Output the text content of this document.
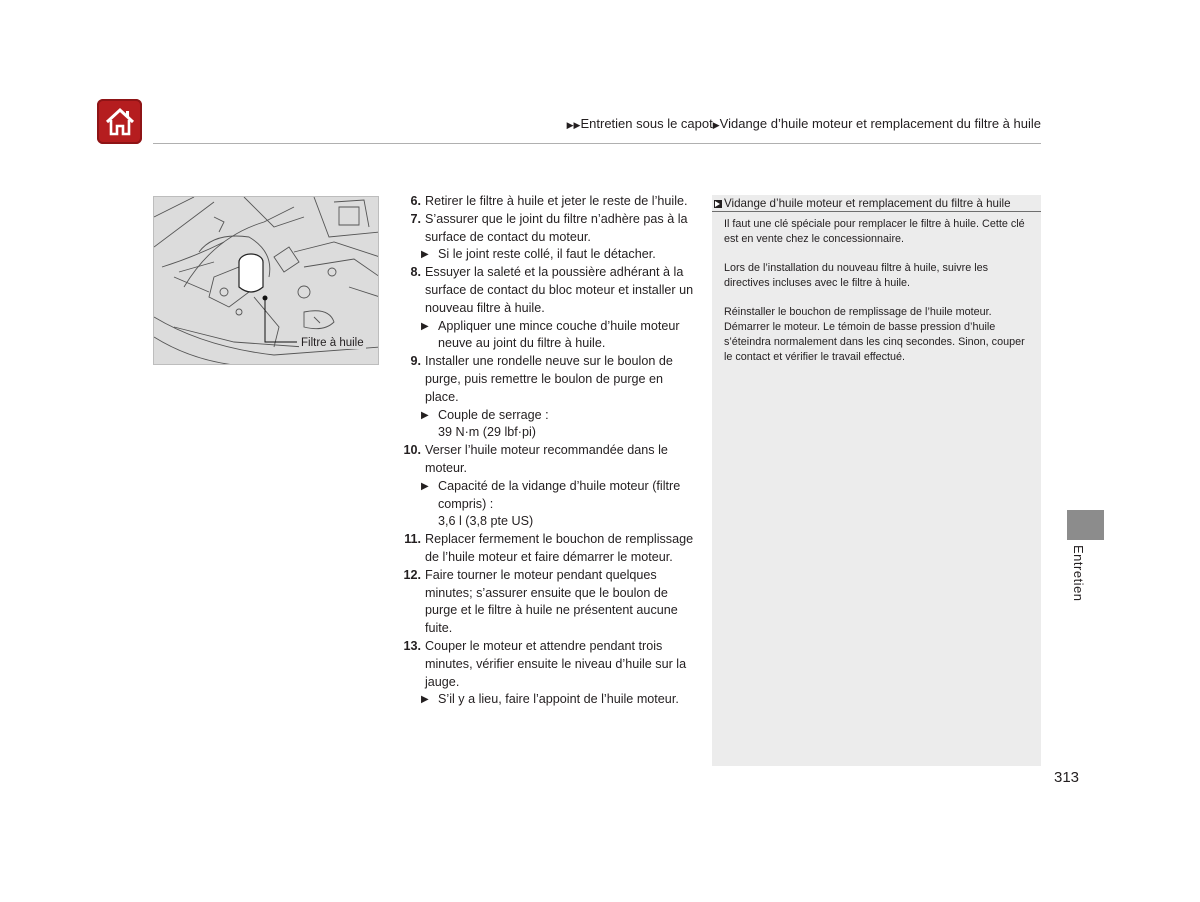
▶▶Entretien sous le capot▶Vidange d’huile moteur et remplacement du filtre à huile
Filtre à huile
6. Retirer le filtre à huile et jeter le reste de l’huile.
7. S’assurer que le joint du filtre n’adhère pas à la surface de contact du moteur.
▶
Si le joint reste collé, il faut le détacher.
8. Essuyer la saleté et la poussière adhérant à la surface de contact du bloc moteur et installer un nouveau filtre à huile.
▶
Appliquer une mince couche d’huile moteur neuve au joint du filtre à huile.
9. Installer une rondelle neuve sur le boulon de purge, puis remettre le boulon de purge en place.
▶
Couple de serrage :
39 N·m (29 lbf·pi)
10. Verser l’huile moteur recommandée dans le moteur.
▶
Capacité de la vidange d’huile moteur (filtre compris) :
3,6 l (3,8 pte US)
11. Replacer fermement le bouchon de remplissage de l’huile moteur et faire démarrer le moteur.
12. Faire tourner le moteur pendant quelques minutes; s’assurer ensuite que le boulon de purge et le filtre à huile ne présentent aucune fuite.
13. Couper le moteur et attendre pendant trois minutes, vérifier ensuite le niveau d’huile sur la jauge.
▶
S’il y a lieu, faire l’appoint de l’huile moteur.
Vidange d’huile moteur et remplacement du filtre à huile

Il faut une clé spéciale pour remplacer le filtre à huile. Cette clé est en vente chez le concessionnaire.

Lors de l’installation du nouveau filtre à huile, suivre les directives incluses avec le filtre à huile.

Réinstaller le bouchon de remplissage de l’huile moteur. Démarrer le moteur. Le témoin de basse pression d’huile s’éteindra normalement dans les cinq secondes. Sinon, couper le contact et vérifier le travail effectué.

Entretien
313
